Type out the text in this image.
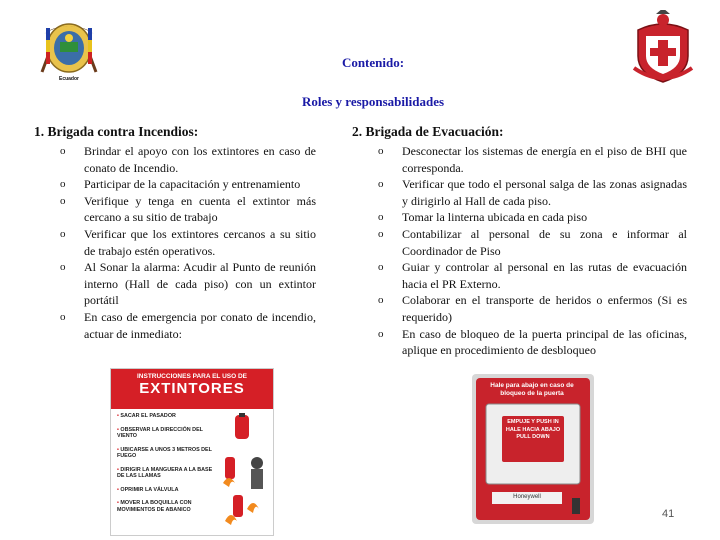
Ecuador
Contenido:
Roles y responsabilidades
1. Brigada contra Incendios:
o Brindar el apoyo con los extintores en caso de conato de Incendio.
o Participar de la capacitación y entrenamiento
o Verifique y tenga en cuenta el extintor más cercano a su sitio de trabajo
o Verificar que los extintores cercanos a su sitio de trabajo estén operativos.
o Al Sonar la alarma: Acudir al Punto de reunión interno (Hall de cada piso) con un extintor portátil
o En caso de emergencia por conato de incendio, actuar de inmediato:
2. Brigada de Evacuación:
o Desconectar los sistemas de energía en el piso de BHI que corresponda.
o Verificar que todo el personal salga de las zonas asignadas y dirigirlo al Hall de cada piso.
o Tomar la linterna ubicada en cada piso
o Contabilizar al personal de su zona e informar al Coordinador de Piso
o Guiar y controlar al personal en las rutas de evacuación hacia el PR Externo.
o Colaborar en el transporte de heridos o enfermos (Si es requerido)
o En caso de bloqueo de la puerta principal de las oficinas, aplique en procedimiento de desbloqueo
INSTRUCCIONES PARA EL USO DE
EXTINTORES
• SACAR EL PASADOR
• OBSERVAR LA DIRECCIÓN DEL VIENTO
• UBICARSE A UNOS 3 METROS DEL FUEGO
• DIRIGIR LA MANGUERA A LA BASE DE LAS LLAMAS
• OPRIMIR LA VÁLVULA
• MOVER LA BOQUILLA CON MOVIMIENTOS DE ABANICO
Hale para abajo en caso de bloqueo de la puerta
EMPUJE Y PUSH IN HALE HACIA ABAJO PULL DOWN
Honeywell
41
